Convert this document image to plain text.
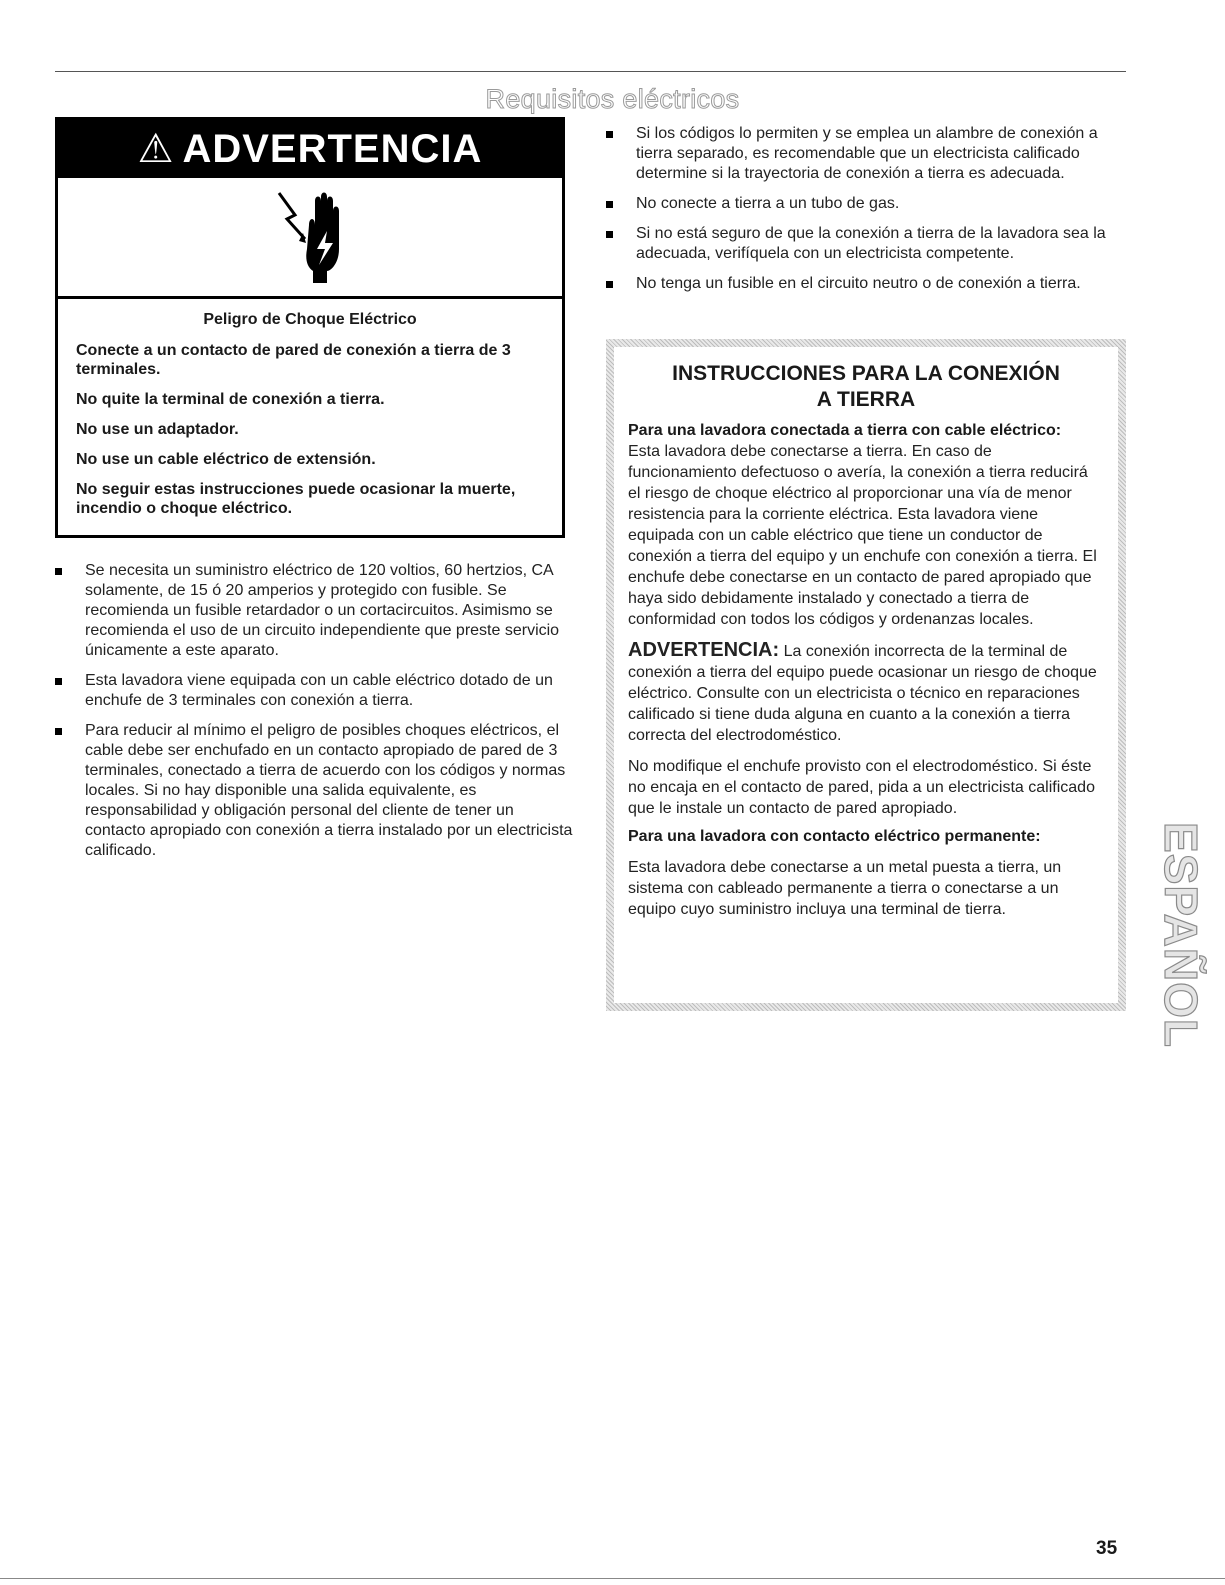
Requisitos eléctricos
⚠ ADVERTENCIA
Peligro de Choque Eléctrico

Conecte a un contacto de pared de conexión a tierra de 3 terminales.

No quite la terminal de conexión a tierra.

No use un adaptador.

No use un cable eléctrico de extensión.

No seguir estas instrucciones puede ocasionar la muerte, incendio o choque eléctrico.

Se necesita un suministro eléctrico de 120 voltios, 60 hertzios, CA solamente, de 15 ó 20 amperios y protegido con fusible. Se recomienda un fusible retardador o un cortacircuitos. Asimismo se recomienda el uso de un circuito independiente que preste servicio únicamente a este aparato.
Esta lavadora viene equipada con un cable eléctrico dotado de un enchufe de 3 terminales con conexión a tierra.
Para reducir al mínimo el peligro de posibles choques eléctricos, el cable debe ser enchufado en un contacto apropiado de pared de 3 terminales, conectado a tierra de acuerdo con los códigos y normas locales. Si no hay disponible una salida equivalente, es responsabilidad y obligación personal del cliente de tener un contacto apropiado con conexión a tierra instalado por un electricista calificado.
Si los códigos lo permiten y se emplea un alambre de conexión a tierra separado, es recomendable que un electricista calificado determine si la trayectoria de conexión a tierra es adecuada.
No conecte a tierra a un tubo de gas.
Si no está seguro de que la conexión a tierra de la lavadora sea la adecuada, verifíquela con un electricista competente.
No tenga un fusible en el circuito neutro o de conexión a tierra.
INSTRUCCIONES PARA LA CONEXIÓN
A TIERRA
Para una lavadora conectada a tierra con cable eléctrico:

Esta lavadora debe conectarse a tierra. En caso de funcionamiento defectuoso o avería, la conexión a tierra reducirá el riesgo de choque eléctrico al proporcionar una vía de menor resistencia para la corriente eléctrica. Esta lavadora viene equipada con un cable eléctrico que tiene un conductor de conexión a tierra del equipo y un enchufe con conexión a tierra. El enchufe debe conectarse en un contacto de pared apropiado que haya sido debidamente instalado y conectado a tierra de conformidad con todos los códigos y ordenanzas locales.

ADVERTENCIA: La conexión incorrecta de la terminal de conexión a tierra del equipo puede ocasionar un riesgo de choque eléctrico. Consulte con un electricista o técnico en reparaciones calificado si tiene duda alguna en cuanto a la conexión a tierra correcta del electrodoméstico.

No modifique el enchufe provisto con el electrodoméstico. Si éste no encaja en el contacto de pared, pida a un electricista calificado que le instale un contacto de pared apropiado.

Para una lavadora con contacto eléctrico permanente:

Esta lavadora debe conectarse a un metal puesta a tierra, un sistema con cableado permanente a tierra o conectarse a un equipo cuyo suministro incluya una terminal de tierra.	ESPAÑOL
35
